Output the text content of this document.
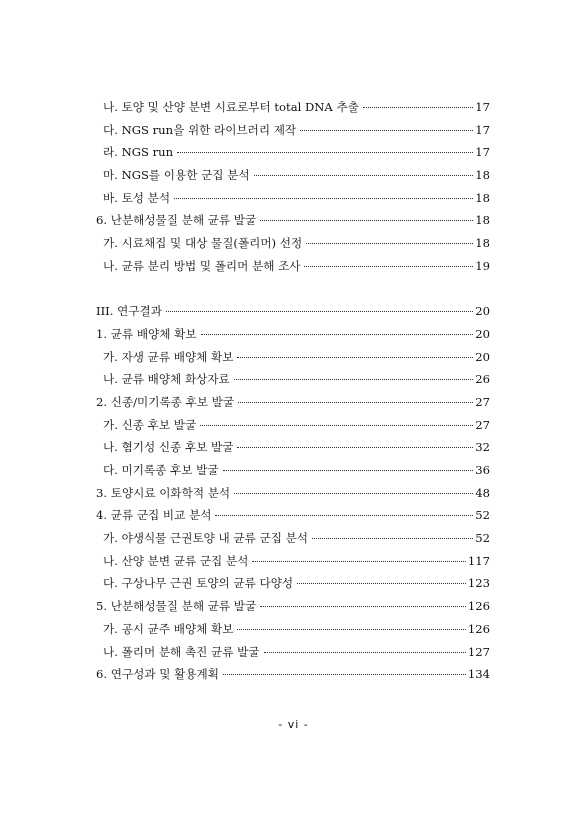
나. 토양 및 산양 분변 시료로부터 total DNA 추출	17
다. NGS run을 위한 라이브러리 제작	17
라. NGS run	17
마. NGS를 이용한 군집 분석	18
바. 토성 분석	18
6. 난분해성물질 분해 균류 발굴	18
가. 시료채집 및 대상 물질(폴리머) 선정	18
나. 균류 분리 방법 및 폴리머 분해 조사	19
III. 연구결과	20
1. 균류 배양체 확보	20
가. 자생 균류 배양체 확보	20
나. 균류 배양체 화상자료	26
2. 신종/미기록종 후보 발굴	27
가. 신종 후보 발굴	27
나. 혐기성 신종 후보 발굴	32
다. 미기록종 후보 발굴	36
3. 토양시료 이화학적 분석	48
4. 균류 군집 비교 분석	52
가. 야생식물 근권토양 내 균류 군집 분석	52
나. 산양 분변 균류 군집 분석	117
다. 구상나무 근권 토양의 균류 다양성	123
5. 난분해성물질 분해 균류 발굴	126
가. 공시 균주 배양체 확보	126
나. 폴리머 분해 촉진 균류 발굴	127
6. 연구성과 및 활용계획	134
- vi -
